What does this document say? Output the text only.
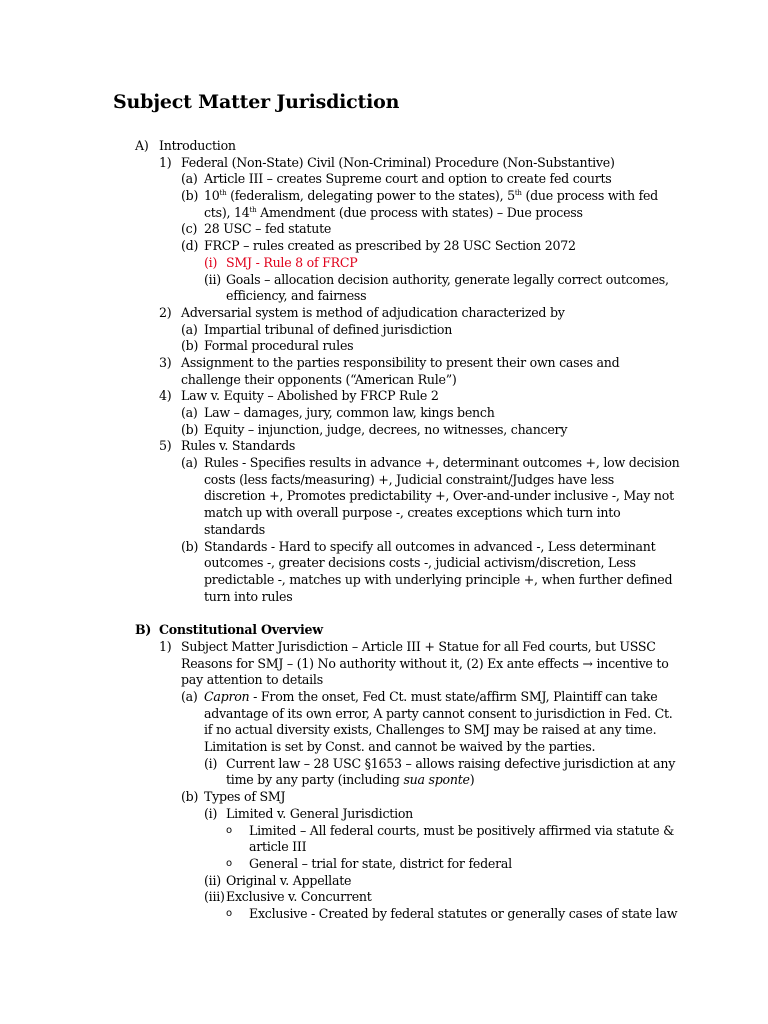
Subject Matter Jurisdiction
A) Introduction
1) Federal (Non-State) Civil (Non-Criminal) Procedure (Non-Substantive)
(a) Article III – creates Supreme court and option to create fed courts
(b) 10th (federalism, delegating power to the states), 5th (due process with fed
cts), 14th Amendment (due process with states) – Due process
(c) 28 USC – fed statute
(d) FRCP – rules created as prescribed by 28 USC Section 2072
(i) SMJ - Rule 8 of FRCP
(ii) Goals – allocation decision authority, generate legally correct outcomes,
efficiency, and fairness
2) Adversarial system is method of adjudication characterized by
(a) Impartial tribunal of defined jurisdiction
(b) Formal procedural rules
3) Assignment to the parties responsibility to present their own cases and
challenge their opponents (“American Rule”)
4) Law v. Equity – Abolished by FRCP Rule 2
(a) Law – damages, jury, common law, kings bench
(b) Equity – injunction, judge, decrees, no witnesses, chancery
5) Rules v. Standards
(a) Rules - Specifies results in advance +, determinant outcomes +, low decision
costs (less facts/measuring) +, Judicial constraint/Judges have less
discretion +, Promotes predictability +, Over-and-under inclusive -, May not
match up with overall purpose -, creates exceptions which turn into
standards
(b) Standards - Hard to specify all outcomes in advanced -, Less determinant
outcomes -, greater decisions costs -, judicial activism/discretion, Less
predictable -, matches up with underlying principle +, when further defined
turn into rules
B) Constitutional Overview
1) Subject Matter Jurisdiction – Article III + Statue for all Fed courts, but USSC
Reasons for SMJ – (1) No authority without it, (2) Ex ante effects → incentive to
pay attention to details
(a) Capron - From the onset, Fed Ct. must state/affirm SMJ, Plaintiff can take
advantage of its own error, A party cannot consent to jurisdiction in Fed. Ct.
if no actual diversity exists, Challenges to SMJ may be raised at any time.
Limitation is set by Const. and cannot be waived by the parties.
(i) Current law – 28 USC §1653 – allows raising defective jurisdiction at any
time by any party (including sua sponte)
(b) Types of SMJ
(i) Limited v. General Jurisdiction
o Limited – All federal courts, must be positively affirmed via statute &
article III
o General – trial for state, district for federal
(ii) Original v. Appellate
(iii) Exclusive v. Concurrent
o Exclusive - Created by federal statutes or generally cases of state law
